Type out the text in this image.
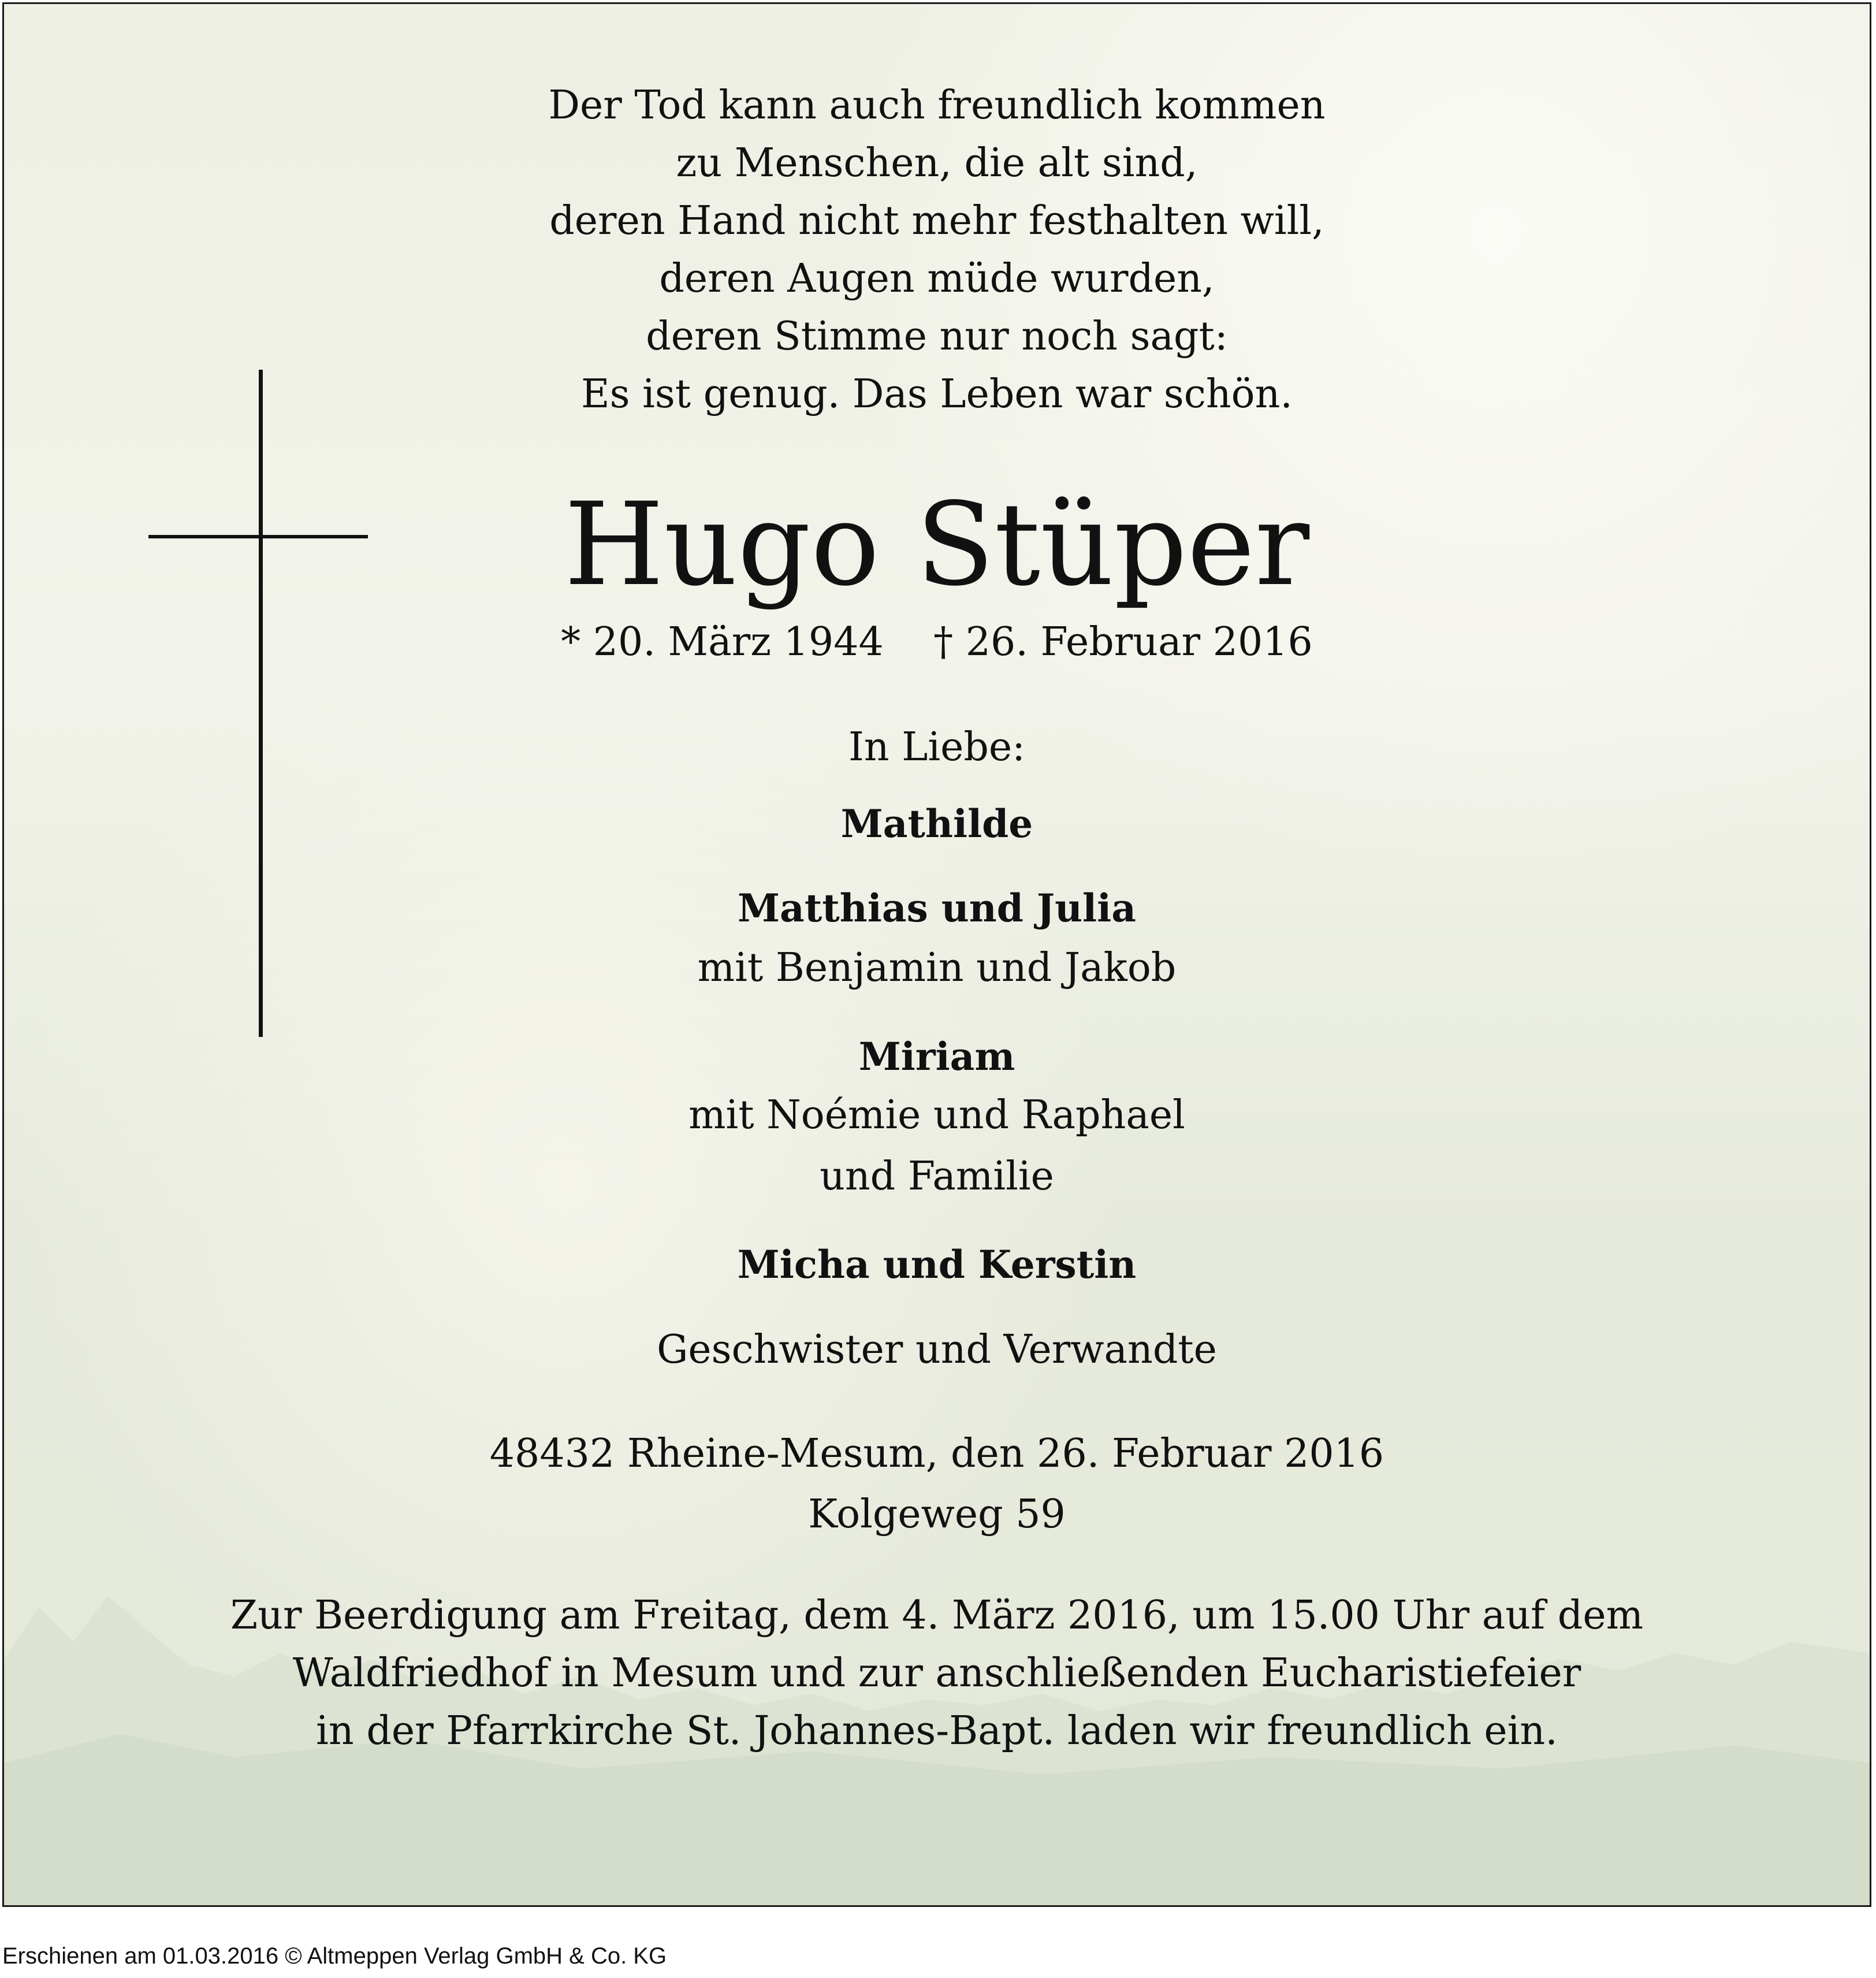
Der Tod kann auch freundlich kommen
zu Menschen, die alt sind,
deren Hand nicht mehr festhalten will,
deren Augen müde wurden,
deren Stimme nur noch sagt:
Es ist genug. Das Leben war schön.
Hugo Stüper
* 20. März 1944    † 26. Februar 2016
In Liebe:
Mathilde
Matthias und Julia
mit Benjamin und Jakob
Miriam
mit Noémie und Raphael
und Familie
Micha und Kerstin
Geschwister und Verwandte
48432 Rheine-Mesum, den 26. Februar 2016
Kolgeweg 59
Zur Beerdigung am Freitag, dem 4. März 2016, um 15.00 Uhr auf dem
Waldfriedhof in Mesum und zur anschließenden Eucharistiefeier
in der Pfarrkirche St. Johannes-Bapt. laden wir freundlich ein.
Erschienen am 01.03.2016 © Altmeppen Verlag GmbH & Co. KG
